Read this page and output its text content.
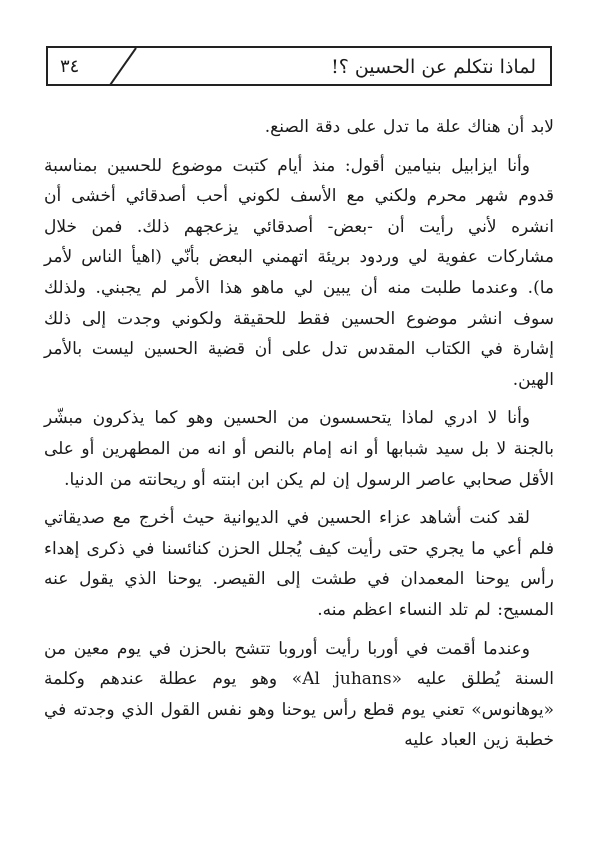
لماذا نتكلم عن الحسين ؟!
٣٤

لابد أن هناك علة ما تدل على دقة الصنع.

وأنا ايزابيل بنيامين أقول: منذ أيام كتبت موضوع للحسين بمناسبة قدوم شهر محرم ولكني مع الأسف لكوني أحب أصدقائي أخشى أن انشره لأني رأيت أن -بعض- أصدقائي يزعجهم ذلك. فمن خلال مشاركات عفوية لي وردود بريئة اتهمني البعض بأنّي (اهيأ الناس لأمر ما). وعندما طلبت منه أن يبين لي ماهو هذا الأمر لم يجبني. ولذلك سوف انشر موضوع الحسين فقط للحقيقة ولكوني وجدت إلى ذلك إشارة في الكتاب المقدس تدل على أن قضية الحسين ليست بالأمر الهين.

وأنا لا ادري لماذا يتحسسون من الحسين وهو كما يذكرون مبشّر بالجنة لا بل سيد شبابها أو انه إمام بالنص أو انه من المطهرين أو على الأقل صحابي عاصر الرسول إن لم يكن ابن ابنته أو ريحانته من الدنيا.

لقد كنت أشاهد عزاء الحسين في الديوانية حيث أخرج مع صديقاتي فلم أعي ما يجري حتى رأيت كيف يُجلل الحزن كنائسنا في ذكرى إهداء رأس يوحنا المعمدان في طشت إلى القيصر. يوحنا الذي يقول عنه المسيح: لم تلد النساء اعظم منه.

وعندما أقمت في أوربا رأيت أوروبا تتشح بالحزن في يوم معين من السنة يُطلق عليه «Al juhans» وهو يوم عطلة عندهم وكلمة «يوهانوس» تعني يوم قطع رأس يوحنا وهو نفس القول الذي وجدته في خطبة زين العباد عليه
